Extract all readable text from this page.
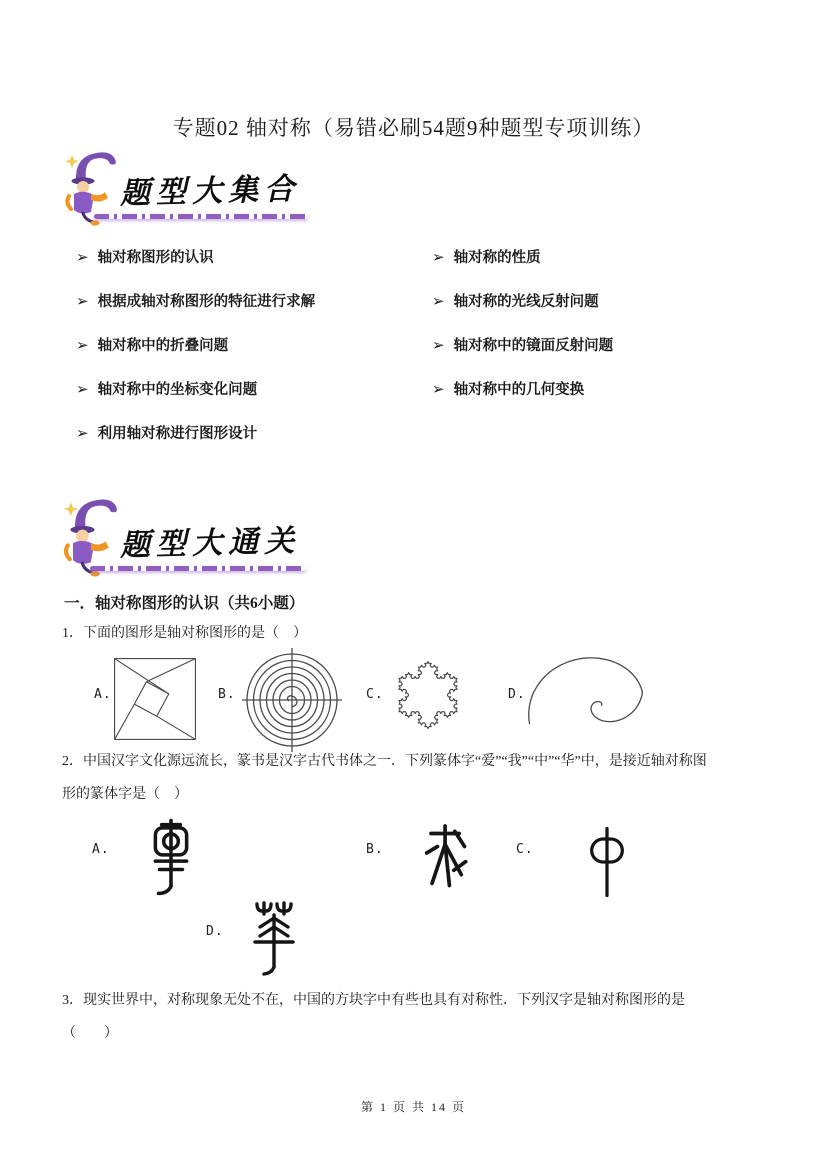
专题02 轴对称（易错必刷54题9种题型专项训练）
题型大集合
➢ 轴对称图形的认识	➢ 轴对称的性质
➢ 根据成轴对称图形的特征进行求解	➢ 轴对称的光线反射问题
➢ 轴对称中的折叠问题	➢ 轴对称中的镜面反射问题
➢ 轴对称中的坐标变化问题	➢ 轴对称中的几何变换
➢ 利用轴对称进行图形设计
题型大通关
一．轴对称图形的认识（共6小题）
1．下面的图形是轴对称图形的是（　）
A.	B.	C.	D.
2．中国汉字文化源远流长，篆书是汉字古代书体之一．下列篆体字“爱”“我”“中”“华”中，是接近轴对称图
形的篆体字是（　）
A.	B.	C.
D.
3．现实世界中，对称现象无处不在，中国的方块字中有些也具有对称性．下列汉字是轴对称图形的是
（　　）
第 1 页 共 14 页
